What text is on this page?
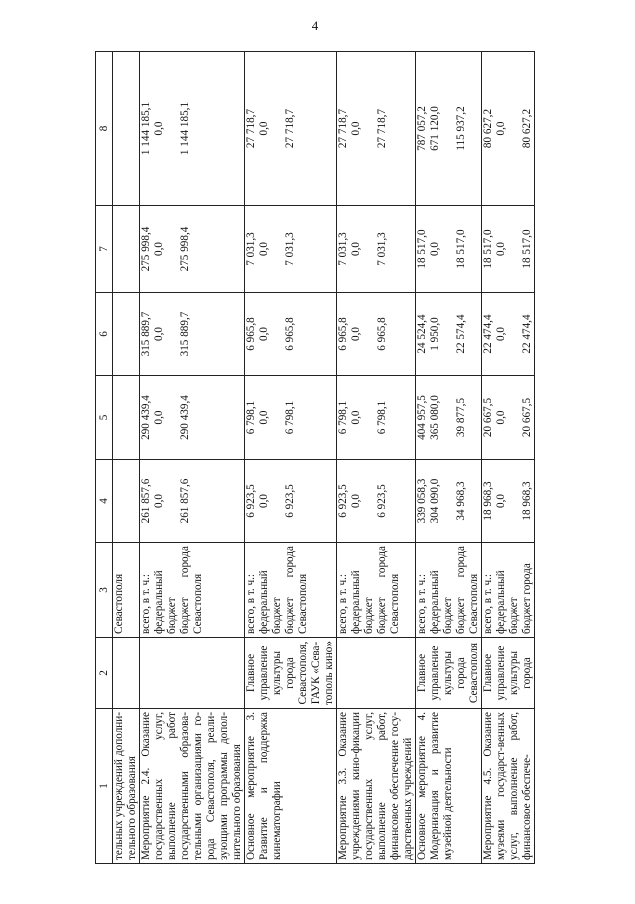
4
1	2	3	4	5	6	7	8
тельных учреждений дополни-тельного образования		Севастополя					

Мероприятие 2.4. Оказание государственных услуг, выполнение работ государственными образова-тельными организациями го-рода Севастополя, реали-зующими программы допол-нительного образования		всего, в т. ч.: федеральный бюджет бюджет города Севастополя	261 857,6 0,0 261 857,6	290 439,4 0,0 290 439,4	315 889,7 0,0 315 889,7	275 998,4 0,0 275 998,4	1 144 185,1 0,0 1 144 185,1

Основное мероприятие 3. Развитие и поддержка кинематографии	Главное управление культуры города Севастополя, ГАУК «Сева-тополь кино»	всего, в т. ч.: федеральный бюджет бюджет города Севастополя	6 923,5 0,0 6 923,5	6 798,1 0,0 6 798,1	6 965,8 0,0 6 965,8	7 031,3 0,0 7 031,3	27 718,7 0,0 27 718,7

Мероприятие 3.3. Оказание учреждениями кино-фикации государственных услуг, выполнение работ, финансовое обеспечение госу-дарственных учреждений		всего, в т. ч.: федеральный бюджет бюджет города Севастополя	6 923,5 0,0 6 923,5	6 798,1 0,0 6 798,1	6 965,8 0,0 6 965,8	7 031,3 0,0 7 031,3	27 718,7 0,0 27 718,7

Основное мероприятие 4. Модернизация и развитие музейной деятельности	Главное управление культуры города Севастополя	всего, в т. ч.: федеральный бюджет бюджет города Севастополя	339 058,3 304 090,0 34 968,3	404 957,5 365 080,0 39 877,5	24 524,4 1 950,0 22 574,4	18 517,0 0,0 18 517,0	787 057,2 671 120,0 115 937,2

Мероприятие 4.5. Оказание музеями государст-венных услуг, выполнение работ, финансовое обеспече-	Главное управление культуры города	всего, в т. ч.: федеральный бюджет бюджет города	18 968,3 0,0 18 968,3	20 667,5 0,0 20 667,5	22 474,4 0,0 22 474,4	18 517,0 0,0 18 517,0	80 627,2 0,0 80 627,2
